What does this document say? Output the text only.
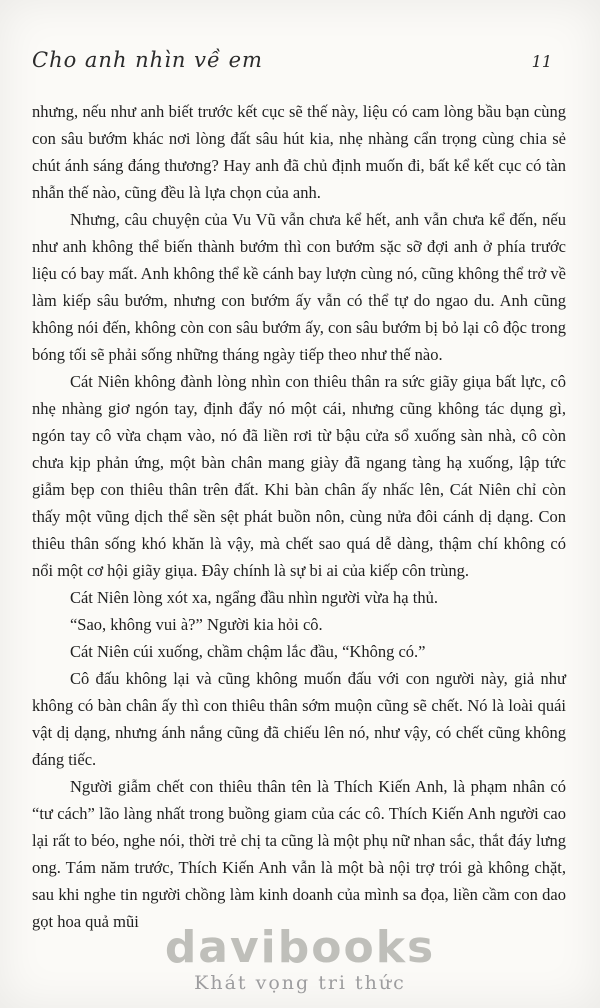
Cho anh nhìn về em	11

nhưng, nếu như anh biết trước kết cục sẽ thế này, liệu có cam lòng bầu bạn cùng con sâu bướm khác nơi lòng đất sâu hút kia, nhẹ nhàng cẩn trọng cùng chia sẻ chút ánh sáng đáng thương? Hay anh đã chủ định muốn đi, bất kể kết cục có tàn nhẫn thế nào, cũng đều là lựa chọn của anh.

Nhưng, câu chuyện của Vu Vũ vẫn chưa kể hết, anh vẫn chưa kể đến, nếu như anh không thể biến thành bướm thì con bướm sặc sỡ đợi anh ở phía trước liệu có bay mất. Anh không thể kề cánh bay lượn cùng nó, cũng không thể trở về làm kiếp sâu bướm, nhưng con bướm ấy vẫn có thể tự do ngao du. Anh cũng không nói đến, không còn con sâu bướm ấy, con sâu bướm bị bỏ lại cô độc trong bóng tối sẽ phải sống những tháng ngày tiếp theo như thế nào.

Cát Niên không đành lòng nhìn con thiêu thân ra sức giãy giụa bất lực, cô nhẹ nhàng giơ ngón tay, định đẩy nó một cái, nhưng cũng không tác dụng gì, ngón tay cô vừa chạm vào, nó đã liền rơi từ bậu cửa sổ xuống sàn nhà, cô còn chưa kịp phản ứng, một bàn chân mang giày đã ngang tàng hạ xuống, lập tức giẫm bẹp con thiêu thân trên đất. Khi bàn chân ấy nhấc lên, Cát Niên chỉ còn thấy một vũng dịch thể sền sệt phát buồn nôn, cùng nửa đôi cánh dị dạng. Con thiêu thân sống khó khăn là vậy, mà chết sao quá dễ dàng, thậm chí không có nổi một cơ hội giãy giụa. Đây chính là sự bi ai của kiếp côn trùng.

Cát Niên lòng xót xa, ngẩng đầu nhìn người vừa hạ thủ.

“Sao, không vui à?” Người kia hỏi cô.

Cát Niên cúi xuống, chầm chậm lắc đầu, “Không có.”

Cô đấu không lại và cũng không muốn đấu với con người này, giả như không có bàn chân ấy thì con thiêu thân sớm muộn cũng sẽ chết. Nó là loài quái vật dị dạng, nhưng ánh nắng cũng đã chiếu lên nó, như vậy, có chết cũng không đáng tiếc.

Người giẫm chết con thiêu thân tên là Thích Kiến Anh, là phạm nhân có “tư cách” lão làng nhất trong buồng giam của các cô. Thích Kiến Anh người cao lại rất to béo, nghe nói, thời trẻ chị ta cũng là một phụ nữ nhan sắc, thắt đáy lưng ong. Tám năm trước, Thích Kiến Anh vẫn là một bà nội trợ trói gà không chặt, sau khi nghe tin người chồng làm kinh doanh của mình sa đọa, liền cầm con dao gọt hoa quả mũi

davibooks
Khát vọng tri thức
